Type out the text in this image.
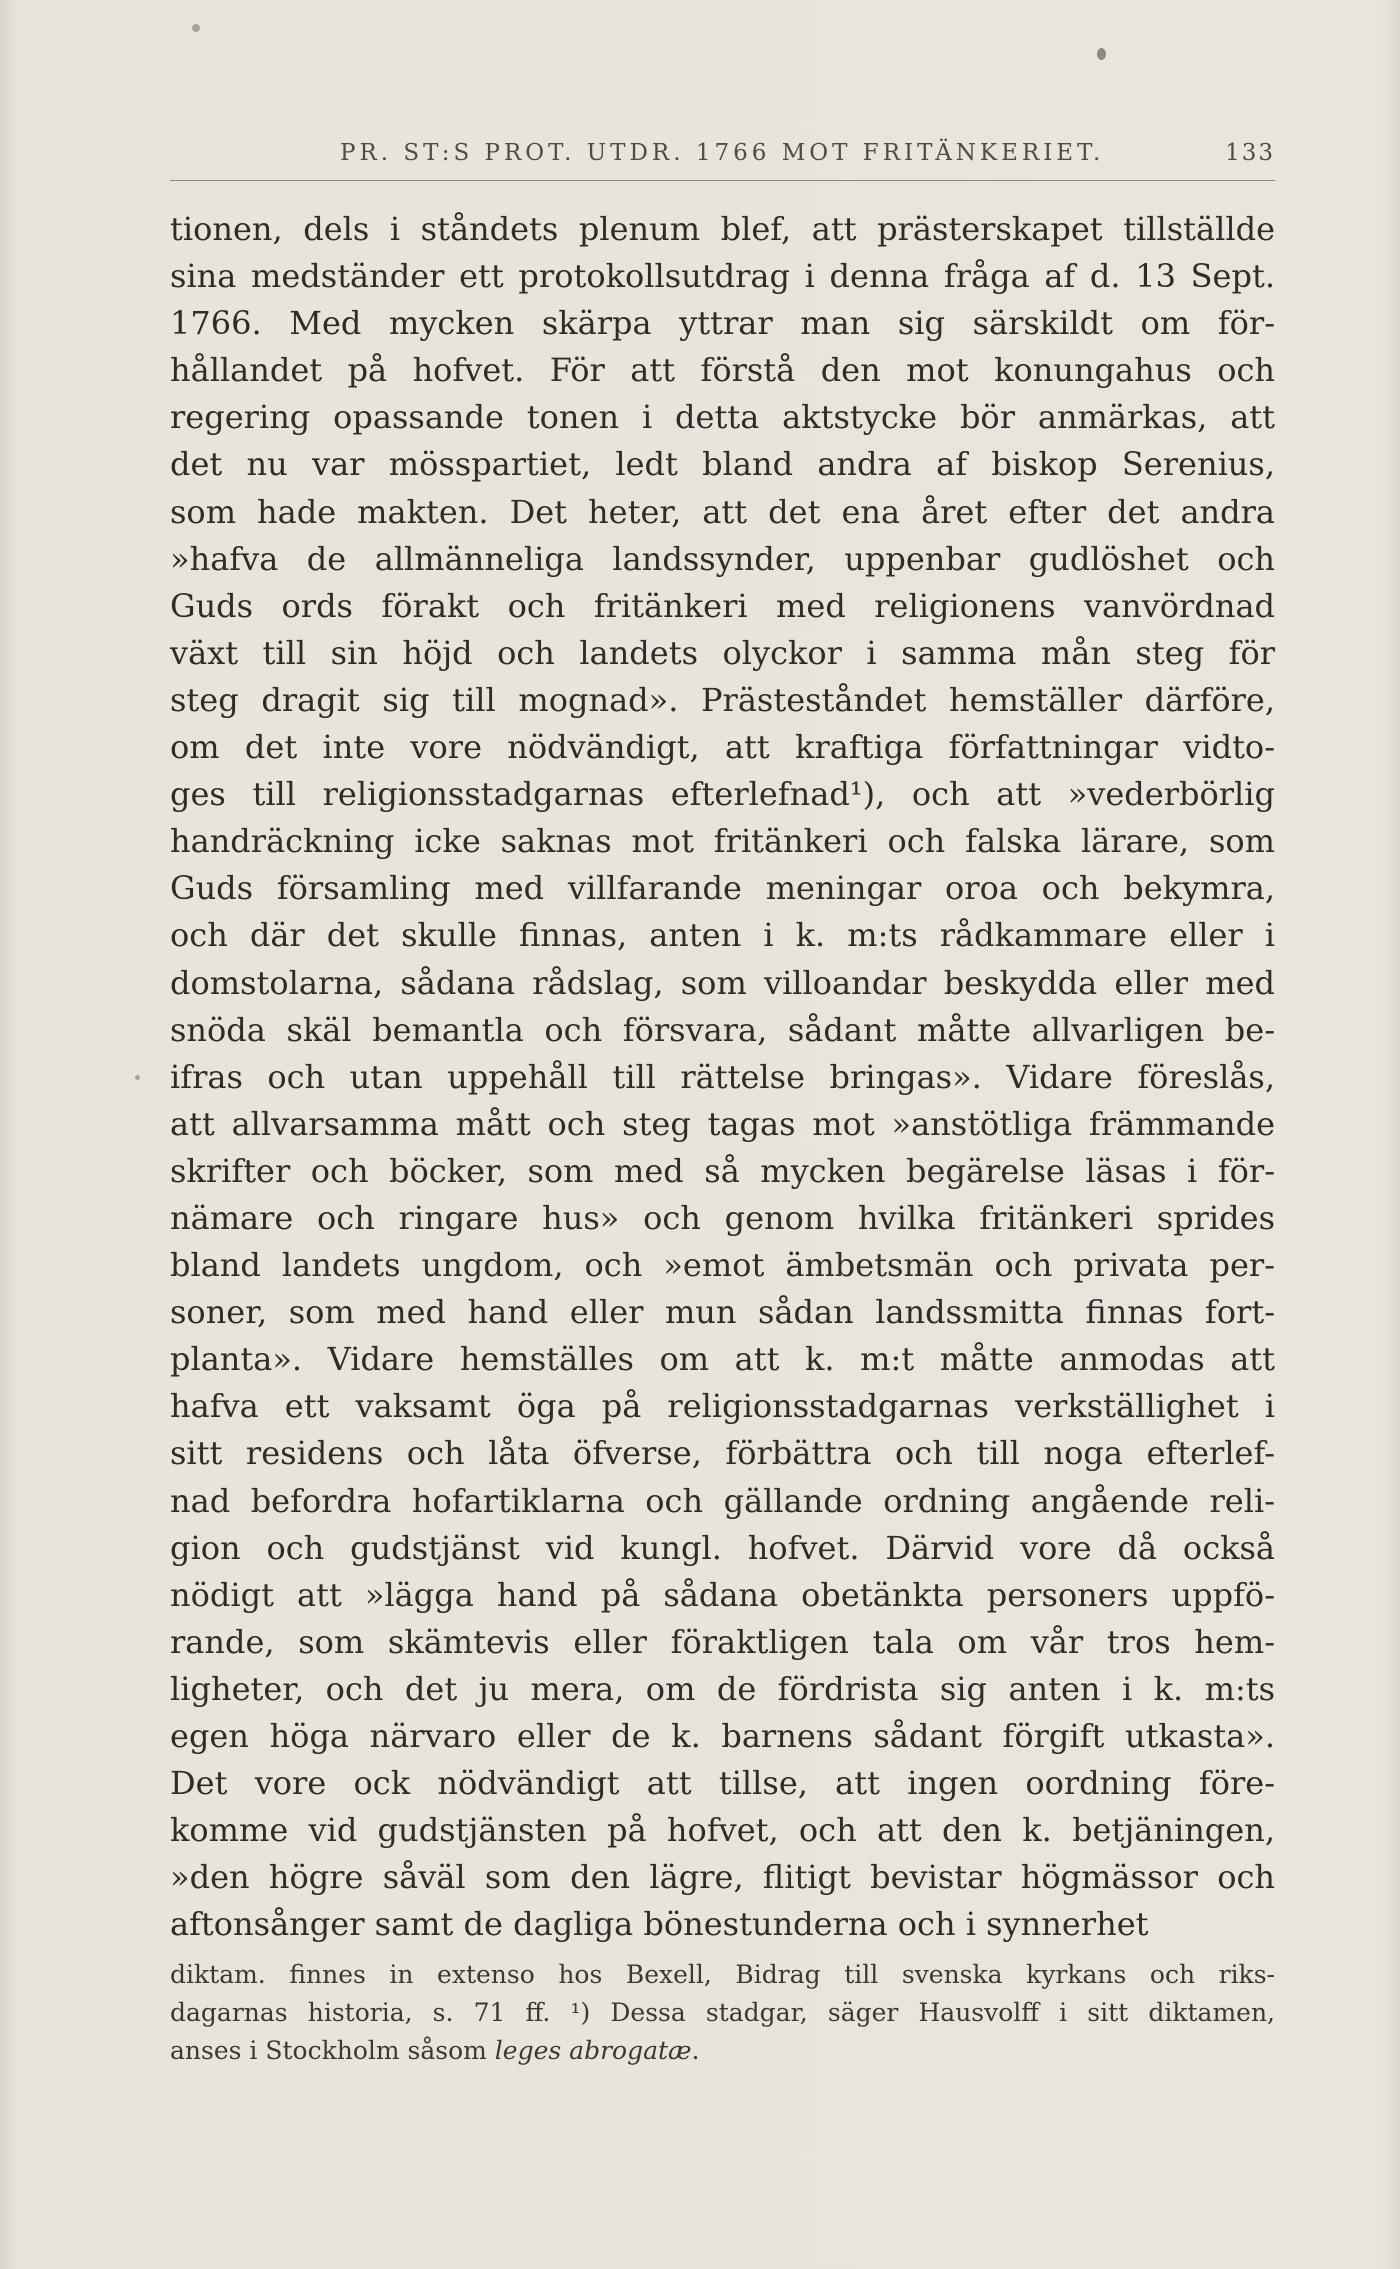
PR. ST:S PROT. UTDR. 1766 MOT FRITÄNKERIET.	133
tionen, dels i ståndets plenum blef, att prästerskapet tillställde
sina medständer ett protokollsutdrag i denna fråga af d. 13 Sept.
1766. Med mycken skärpa yttrar man sig särskildt om för-
hållandet på hofvet. För att förstå den mot konungahus och
regering opassande tonen i detta aktstycke bör anmärkas, att
det nu var mösspartiet, ledt bland andra af biskop Serenius,
som hade makten. Det heter, att det ena året efter det andra
»hafva de allmänneliga landssynder, uppenbar gudlöshet och
Guds ords förakt och fritänkeri med religionens vanvördnad
växt till sin höjd och landets olyckor i samma mån steg för
steg dragit sig till mognad». Prästeståndet hemställer därföre,
om det inte vore nödvändigt, att kraftiga författningar vidto-
ges till religionsstadgarnas efterlefnad¹), och att »vederbörlig
handräckning icke saknas mot fritänkeri och falska lärare, som
Guds församling med villfarande meningar oroa och bekymra,
och där det skulle finnas, anten i k. m:ts rådkammare eller i
domstolarna, sådana rådslag, som villoandar beskydda eller med
snöda skäl bemantla och försvara, sådant måtte allvarligen be-
ifras och utan uppehåll till rättelse bringas». Vidare föreslås,
att allvarsamma mått och steg tagas mot »anstötliga främmande
skrifter och böcker, som med så mycken begärelse läsas i för-
nämare och ringare hus» och genom hvilka fritänkeri sprides
bland landets ungdom, och »emot ämbetsmän och privata per-
soner, som med hand eller mun sådan landssmitta finnas fort-
planta». Vidare hemställes om att k. m:t måtte anmodas att
hafva ett vaksamt öga på religionsstadgarnas verkställighet i
sitt residens och låta öfverse, förbättra och till noga efterlef-
nad befordra hofartiklarna och gällande ordning angående reli-
gion och gudstjänst vid kungl. hofvet. Därvid vore då också
nödigt att »lägga hand på sådana obetänkta personers uppfö-
rande, som skämtevis eller föraktligen tala om vår tros hem-
ligheter, och det ju mera, om de fördrista sig anten i k. m:ts
egen höga närvaro eller de k. barnens sådant förgift utkasta».
Det vore ock nödvändigt att tillse, att ingen oordning före-
komme vid gudstjänsten på hofvet, och att den k. betjäningen,
»den högre såväl som den lägre, flitigt bevistar högmässor och
aftonsånger samt de dagliga bönestunderna och i synnerhet
diktam. finnes in extenso hos Bexell, Bidrag till svenska kyrkans och riks-
dagarnas historia, s. 71 ff. ¹) Dessa stadgar, säger Hausvolff i sitt diktamen,
anses i Stockholm såsom leges abrogatæ.
